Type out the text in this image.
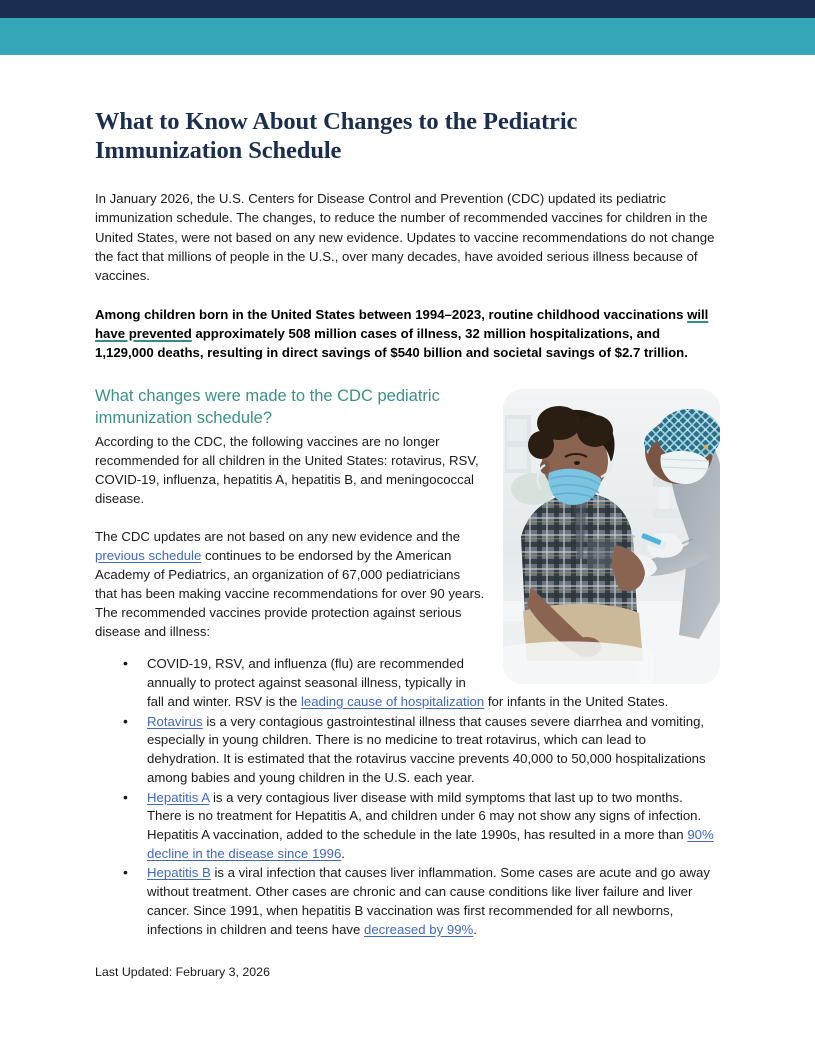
What to Know About Changes to the Pediatric Immunization Schedule

In January 2026, the U.S. Centers for Disease Control and Prevention (CDC) updated its pediatric immunization schedule. The changes, to reduce the number of recommended vaccines for children in the United States, were not based on any new evidence. Updates to vaccine recommendations do not change the fact that millions of people in the U.S., over many decades, have avoided serious illness because of vaccines.

Among children born in the United States between 1994–2023, routine childhood vaccinations will have prevented approximately 508 million cases of illness, 32 million hospitalizations, and 1,129,000 deaths, resulting in direct savings of $540 billion and societal savings of $2.7 trillion.

What changes were made to the CDC pediatric immunization schedule?

According to the CDC, the following vaccines are no longer recommended for all children in the United States: rotavirus, RSV, COVID-19, influenza, hepatitis A, hepatitis B, and meningococcal disease.

The CDC updates are not based on any new evidence and the previous schedule continues to be endorsed by the American Academy of Pediatrics, an organization of 67,000 pediatricians that has been making vaccine recommendations for over 90 years. The recommended vaccines provide protection against serious disease and illness:

• COVID-19, RSV, and influenza (flu) are recommended annually to protect against seasonal illness, typically in fall and winter. RSV is the leading cause of hospitalization for infants in the United States.
• Rotavirus is a very contagious gastrointestinal illness that causes severe diarrhea and vomiting, especially in young children. There is no medicine to treat rotavirus, which can lead to dehydration. It is estimated that the rotavirus vaccine prevents 40,000 to 50,000 hospitalizations among babies and young children in the U.S. each year.
• Hepatitis A is a very contagious liver disease with mild symptoms that last up to two months. There is no treatment for Hepatitis A, and children under 6 may not show any signs of infection. Hepatitis A vaccination, added to the schedule in the late 1990s, has resulted in a more than 90% decline in the disease since 1996.
• Hepatitis B is a viral infection that causes liver inflammation. Some cases are acute and go away without treatment. Other cases are chronic and can cause conditions like liver failure and liver cancer. Since 1991, when hepatitis B vaccination was first recommended for all newborns, infections in children and teens have decreased by 99%.

Last Updated: February 3, 2026
